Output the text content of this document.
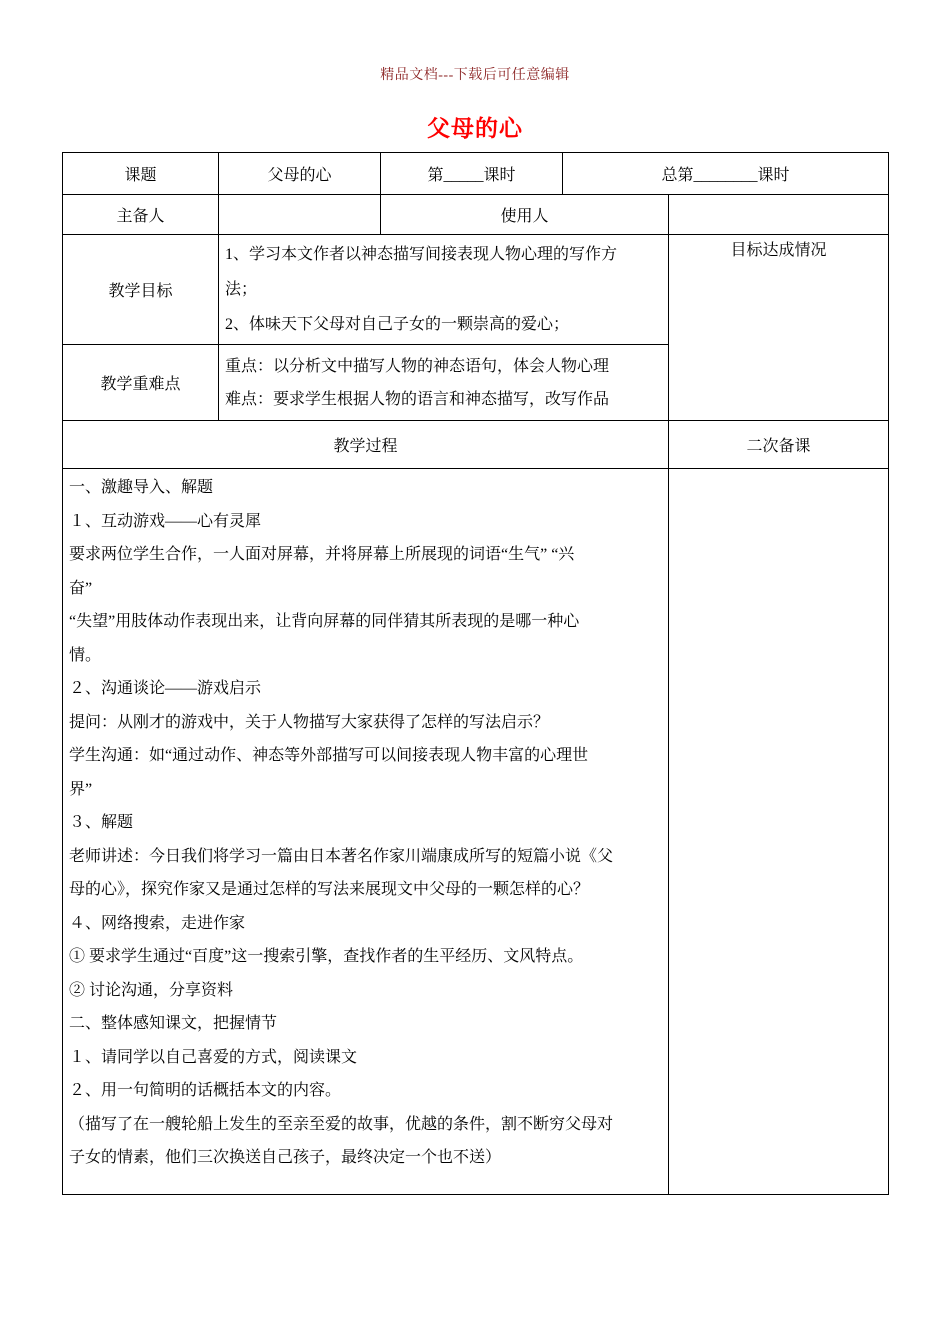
精品文档---下载后可任意编辑
父母的心
课题	父母的心	第_____课时	总第________课时	
主备人		使用人		
教学目标	1、学习本文作者以神态描写间接表现人物心理的写作方
法；
2、体味天下父母对自己子女的一颗崇高的爱心；			目标达成情况
教学重难点	重点：以分析文中描写人物的神态语句，体会人物心理
难点：要求学生根据人物的语言和神态描写，改写作品			

教学过程				二次备课

一、激趣导入、解题
１、互动游戏——心有灵犀
要求两位学生合作，一人面对屏幕，并将屏幕上所展现的词语“生气” “兴
奋”
“失望”用肢体动作表现出来，让背向屏幕的同伴猜其所表现的是哪一种心
情。
２、沟通谈论——游戏启示
提问：从刚才的游戏中，关于人物描写大家获得了怎样的写法启示？
学生沟通：如“通过动作、神态等外部描写可以间接表现人物丰富的心理世
界”
３、解题
老师讲述：今日我们将学习一篇由日本著名作家川端康成所写的短篇小说《父
母的心》，探究作家又是通过怎样的写法来展现文中父母的一颗怎样的心？
４、网络搜索，走进作家
① 要求学生通过“百度”这一搜索引擎，查找作者的生平经历、文风特点。
② 讨论沟通，分享资料
二、整体感知课文，把握情节
１、请同学以自己喜爱的方式，阅读课文
２、用一句简明的话概括本文的内容。
（描写了在一艘轮船上发生的至亲至爱的故事，优越的条件，割不断穷父母对
子女的情素，他们三次换送自己孩子，最终决定一个也不送）
